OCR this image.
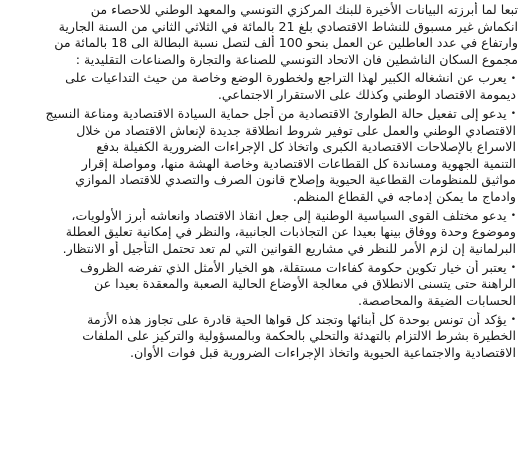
تبعا لما أبرزته البيانات الأخيرة للبنك المركزي التونسي والمعهد الوطني للاحصاء من
انكماش غير مسبوق للنشاط الاقتصادي بلغ 21 بالمائة في الثلاثي الثاني من السنة الجارية
وارتفاع في عدد العاطلين عن العمل بنحو 100 ألف لتصل نسبة البطالة الى 18 بالمائة من
مجموع السكان الناشطين فان الاتحاد التونسي للصناعة والتجارة والصناعات التقليدية :
•يعرب عن انشغاله الكبير لهذا التراجع ولخطورة الوضع وخاصة من حيث التداعيات على
ديمومة الاقتصاد الوطني وكذلك على الاستقرار الاجتماعي.
•يدعو إلى تفعيل حالة الطوارئ الاقتصادية من أجل حماية السيادة الاقتصادية ومناعة النسيج
الاقتصادي الوطني والعمل على توفير شروط انطلاقة جديدة لإنعاش الاقتصاد من خلال
الاسراع بالإصلاحات الاقتصادية الكبرى واتخاذ كل الإجراءات الضرورية الكفيلة بدفع
التنمية الجهوية ومساندة كل القطاعات الاقتصادية وخاصة الهشة منها، ومواصلة إقرار
مواثيق للمنظومات القطاعية الحيوية وإصلاح قانون الصرف والتصدي للاقتصاد الموازي
وادماج ما يمكن إدماجه في القطاع المنظم.
•يدعو مختلف القوى السياسية الوطنية إلى جعل انقاذ الاقتصاد وانعاشه أبرز الأولويات،
وموضوع وحدة ووفاق بينها بعيدا عن التجاذبات الجانبية، والنظر في إمكانية تعليق العطلة
البرلمانية إن لزم الأمر للنظر في مشاريع القوانين التي لم تعد تحتمل التأجيل أو الانتظار.
•يعتبر أن خيار تكوين حكومة كفاءات مستقلة، هو الخيار الأمثل الذي تفرضه الظروف
الراهنة حتى يتسنى الانطلاق في معالجة الأوضاع الحالية الصعبة والمعقدة بعيدا عن
الحسابات الضيقة والمحاصصة.
•يؤكد أن تونس بوحدة كل أبنائها وتجند كل قواها الحية قادرة على تجاوز هذه الأزمة
الخطيرة بشرط الالتزام بالتهدئة والتحلي بالحكمة وبالمسؤولية والتركيز على الملفات
الاقتصادية والاجتماعية الحيوية واتخاذ الإجراءات الضرورية قبل فوات الأوان.
